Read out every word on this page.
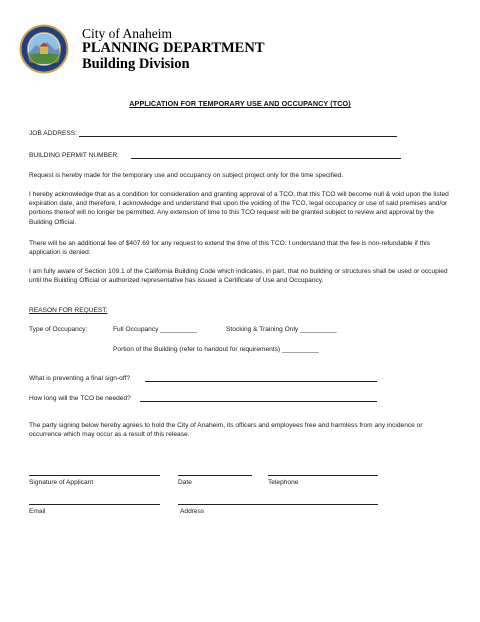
City of Anaheim
PLANNING DEPARTMENT
Building Division
APPLICATION FOR TEMPORARY USE AND OCCUPANCY (TCO)
JOB ADDRESS:
BUILDING PERMIT NUMBER:
Request is hereby made for the temporary use and occupancy on subject project only for the time specified.
I hereby acknowledge that as a condition for consideration and granting approval of a TCO, that this TCO will become null & void upon the listed expiration date, and therefore, I acknowledge and understand that upon the voiding of the TCO, legal occupancy or use of said premises and/or portions thereof will no longer be permitted. Any extension of time to this TCO request will be granted subject to review and approval by the Building Official.
There will be an additional fee of $407.69 for any request to extend the time of this TCO. I understand that the fee is non-refundable if this application is denied.
I am fully aware of Section 109.1 of the California Building Code which indicates, in part, that no building or structures shall be used or occupied until the Building Official or authorized representative has issued a Certificate of Use and Occupancy.
REASON FOR REQUEST:
Type of Occupancy:	Full Occupancy __________	Stocking & Training Only __________
Portion of the Building (refer to handout for requirements) __________
What is preventing a final sign-off?
How long will the TCO be needed?
The party signing below hereby agrees to hold the City of Anaheim, its officers and employees free and harmless from any incidence or occurrence which may occur as a result of this release.
Signature of Applicant	Date	Telephone
Email	Address
